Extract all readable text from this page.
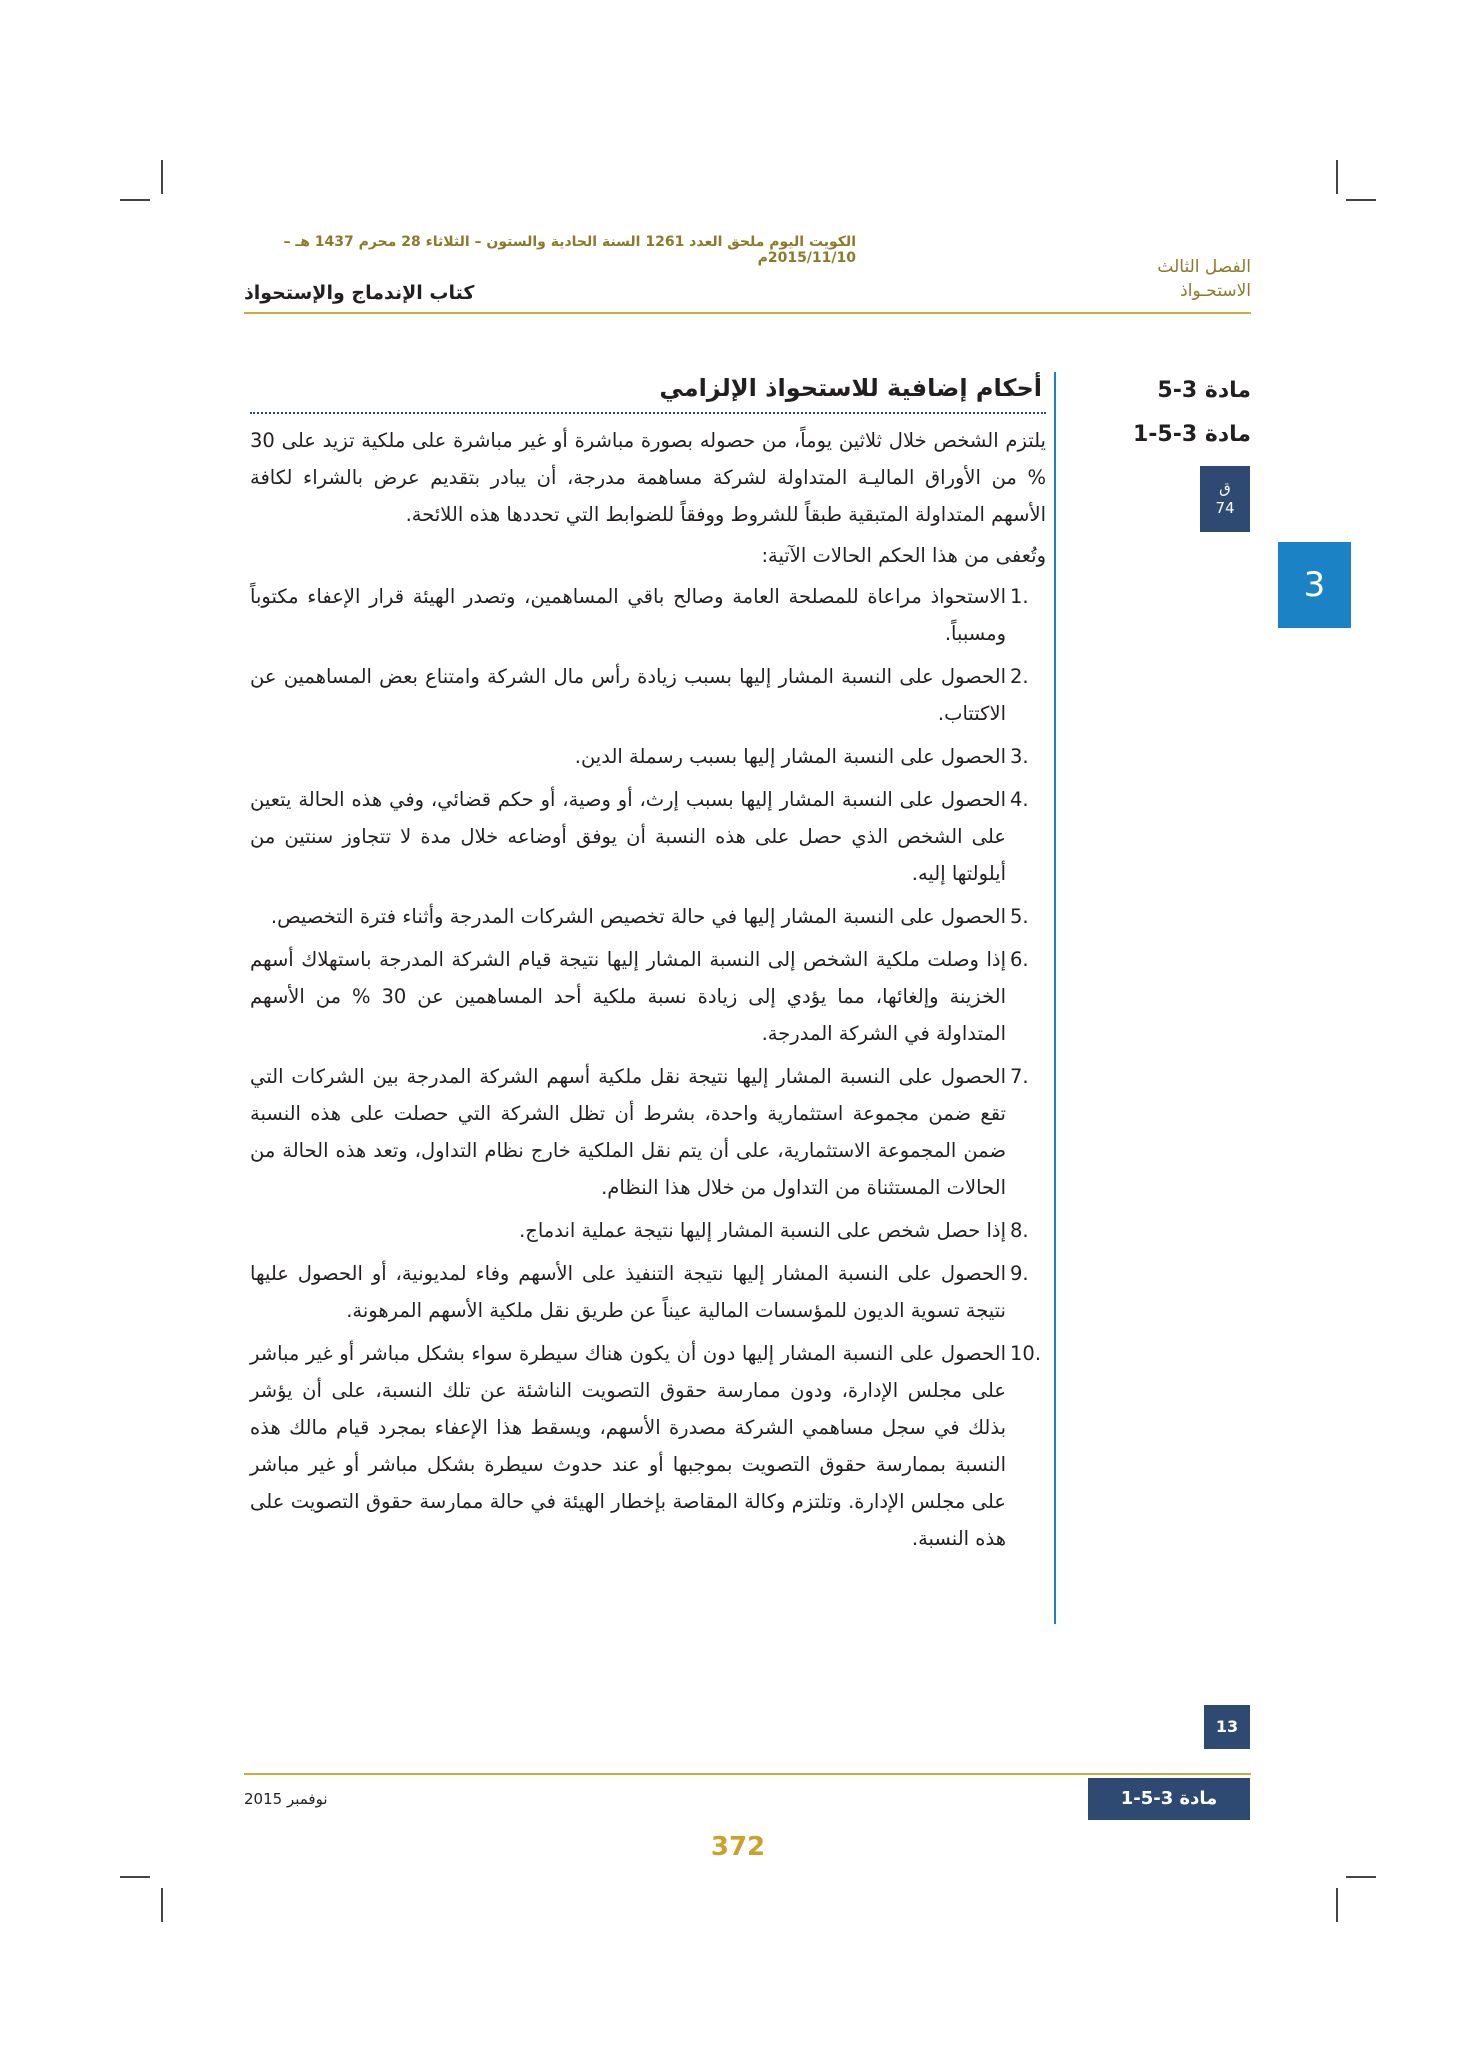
الكويت اليوم ملحق العدد 1261 السنة الحادية والستون – الثلاثاء 28 محرم 1437 هـ – 2015/11/10م	الفصل الثالث
الاستحـواذ
كتاب الإندماج والإستحواذ
مادة 3-5
مادة 3-5-1
ق
74
3
أحكام إضافية للاستحواذ الإلزامي

يلتزم الشخص خلال ثلاثين يوماً، من حصوله بصورة مباشرة أو غير مباشرة على ملكية تزيد على 30 % من الأوراق الماليـة المتداولة لشركة مساهمة مدرجة، أن يبادر بتقديم عرض بالشراء لكافة الأسهم المتداولة المتبقية طبقاً للشروط ووفقاً للضوابط التي تحددها هذه اللائحة.

وتُعفى من هذا الحكم الحالات الآتية:

1.
الاستحواذ مراعاة للمصلحة العامة وصالح باقي المساهمين، وتصدر الهيئة قرار الإعفاء مكتوباً ومسبباً.
2.
الحصول على النسبة المشار إليها بسبب زيادة رأس مال الشركة وامتناع بعض المساهمين عن الاكتتاب.
3.
الحصول على النسبة المشار إليها بسبب رسملة الدين.
4.
الحصول على النسبة المشار إليها بسبب إرث، أو وصية، أو حكم قضائي، وفي هذه الحالة يتعين على الشخص الذي حصل على هذه النسبة أن يوفق أوضاعه خلال مدة لا تتجاوز سنتين من أيلولتها إليه.
5.
الحصول على النسبة المشار إليها في حالة تخصيص الشركات المدرجة وأثناء فترة التخصيص.
6.
إذا وصلت ملكية الشخص إلى النسبة المشار إليها نتيجة قيام الشركة المدرجة باستهلاك أسهم الخزينة وإلغائها، مما يؤدي إلى زيادة نسبة ملكية أحد المساهمين عن 30 % من الأسهم المتداولة في الشركة المدرجة.
7.
الحصول على النسبة المشار إليها نتيجة نقل ملكية أسهم الشركة المدرجة بين الشركات التي تقع ضمن مجموعة استثمارية واحدة، بشرط أن تظل الشركة التي حصلت على هذه النسبة ضمن المجموعة الاستثمارية، على أن يتم نقل الملكية خارج نظام التداول، وتعد هذه الحالة من الحالات المستثناة من التداول من خلال هذا النظام.
8.
إذا حصل شخص على النسبة المشار إليها نتيجة عملية اندماج.
9.
الحصول على النسبة المشار إليها نتيجة التنفيذ على الأسهم وفاء لمديونية، أو الحصول عليها نتيجة تسوية الديون للمؤسسات المالية عيناً عن طريق نقل ملكية الأسهم المرهونة.
10.
الحصول على النسبة المشار إليها دون أن يكون هناك سيطرة سواء بشكل مباشر أو غير مباشر على مجلس الإدارة، ودون ممارسة حقوق التصويت الناشئة عن تلك النسبة، على أن يؤشر بذلك في سجل مساهمي الشركة مصدرة الأسهم، ويسقط هذا الإعفاء بمجرد قيام مالك هذه النسبة بممارسة حقوق التصويت بموجبها أو عند حدوث سيطرة بشكل مباشر أو غير مباشر على مجلس الإدارة. وتلتزم وكالة المقاصة بإخطار الهيئة في حالة ممارسة حقوق التصويت على هذه النسبة.
13
نوفمبر 2015	مادة 3-5-1
372
